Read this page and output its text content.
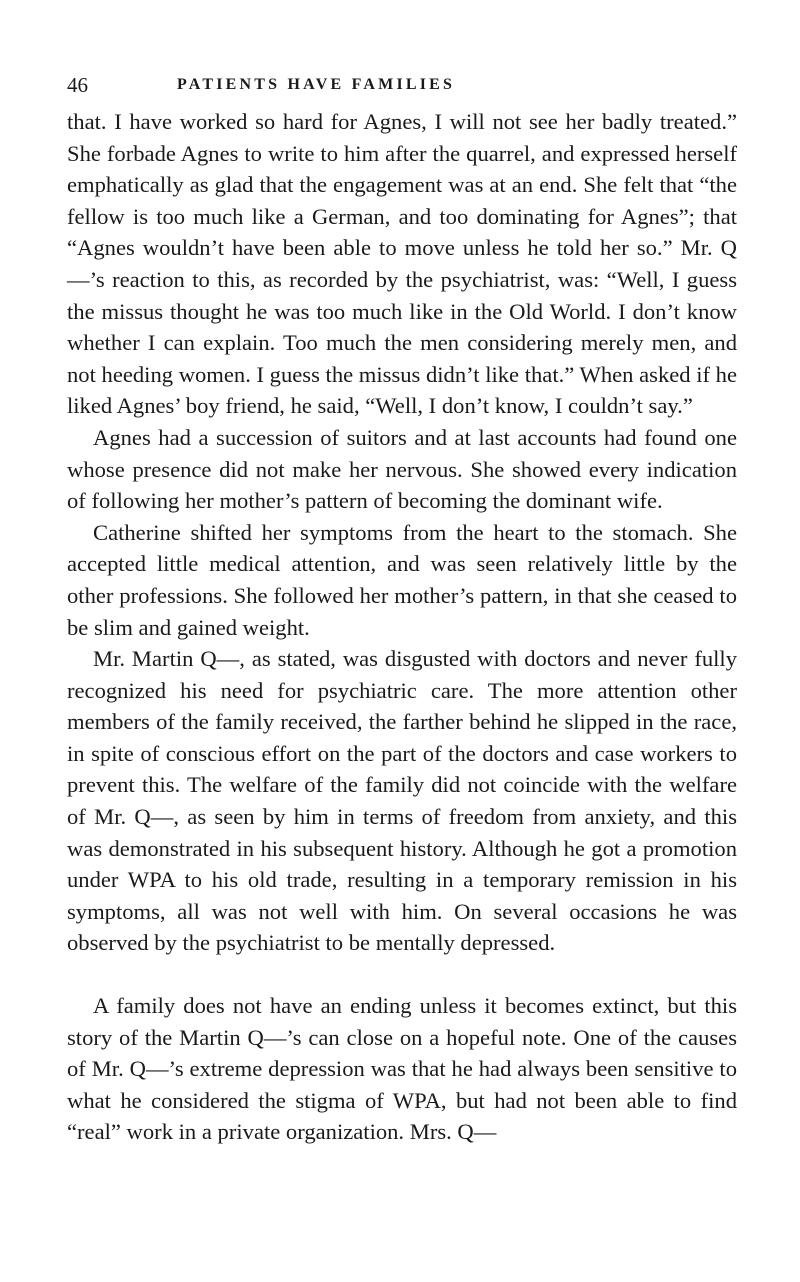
46	PATIENTS HAVE FAMILIES

that. I have worked so hard for Agnes, I will not see her badly treated.” She forbade Agnes to write to him after the quarrel, and expressed herself emphatically as glad that the engagement was at an end. She felt that “the fellow is too much like a German, and too dominating for Agnes”; that “Agnes wouldn’t have been able to move unless he told her so.” Mr. Q—’s reaction to this, as recorded by the psychiatrist, was: “Well, I guess the missus thought he was too much like in the Old World. I don’t know whether I can explain. Too much the men considering merely men, and not heeding women. I guess the missus didn’t like that.” When asked if he liked Agnes’ boy friend, he said, “Well, I don’t know, I couldn’t say.”

Agnes had a succession of suitors and at last accounts had found one whose presence did not make her nervous. She showed every indication of following her mother’s pattern of becoming the dominant wife.

Catherine shifted her symptoms from the heart to the stomach. She accepted little medical attention, and was seen relatively little by the other professions. She followed her mother’s pattern, in that she ceased to be slim and gained weight.

Mr. Martin Q—, as stated, was disgusted with doctors and never fully recognized his need for psychiatric care. The more attention other members of the family received, the farther behind he slipped in the race, in spite of conscious effort on the part of the doctors and case workers to prevent this. The welfare of the family did not coincide with the welfare of Mr. Q—, as seen by him in terms of freedom from anxiety, and this was demonstrated in his subsequent history. Although he got a promotion under WPA to his old trade, resulting in a temporary remission in his symptoms, all was not well with him. On several occasions he was observed by the psychiatrist to be mentally depressed.

A family does not have an ending unless it becomes extinct, but this story of the Martin Q—’s can close on a hopeful note. One of the causes of Mr. Q—’s extreme depression was that he had always been sensitive to what he considered the stigma of WPA, but had not been able to find “real” work in a private organization. Mrs. Q—
